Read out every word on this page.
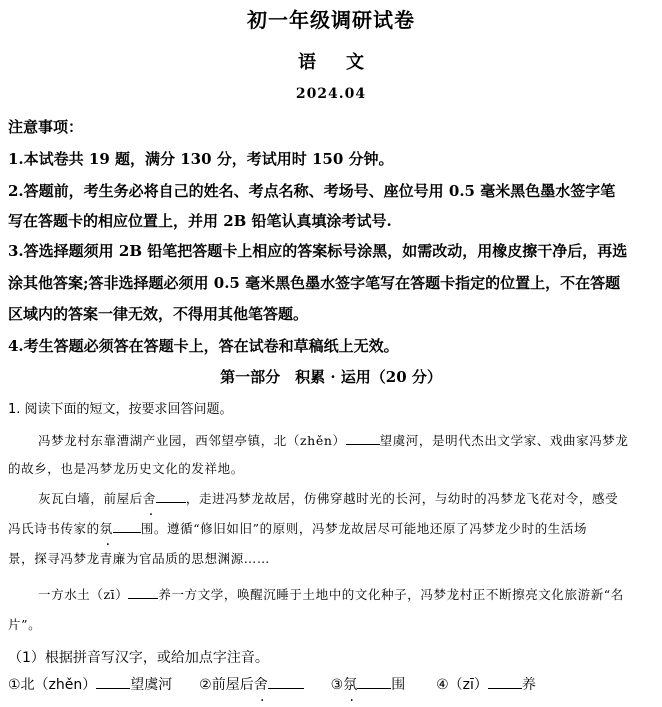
初一年级调研试卷
语文
2024.04
注意事项：
1.本试卷共 19 题，满分 130 分，考试用时 150 分钟。
2.答题前，考生务必将自己的姓名、考点名称、考场号、座位号用 0.5 毫米黑色墨水签字笔
写在答题卡的相应位置上，并用 2B 铅笔认真填涂考试号.
3.答选择题须用 2B 铅笔把答题卡上相应的答案标号涂黑，如需改动，用橡皮擦干净后，再选
涂其他答案;答非选择题必须用 0.5 毫米黑色墨水签字笔写在答题卡指定的位置上，不在答题
区域内的答案一律无效，不得用其他笔答题。
4.考生答题必须答在答题卡上，答在试卷和草稿纸上无效。
第一部分　积累 · 运用（20 分）
1. 阅读下面的短文，按要求回答问题。
冯梦龙村东靠漕湖产业园，西邻望亭镇，北（zhěn）	望虞河，是明代杰出文学家、戏曲家冯梦龙
的故乡，也是冯梦龙历史文化的发祥地。
灰瓦白墙，前屋后舍 ，走进冯梦龙故居，仿佛穿越时光的长河，与幼时的冯梦龙飞花对令，感受
冯氏诗书传家的氛 围。遵循“修旧如旧”的原则，冯梦龙故居尽可能地还原了冯梦龙少时的生活场
景，探寻冯梦龙青廉为官品质的思想渊源……
一方水土（zī） 养一方文学，唤醒沉睡于土地中的文化种子，冯梦龙村正不断擦亮文化旅游新“名
片”。
（1）根据拼音写汉字，或给加点字注音。
①北（zhěn） 望虞河 ②前屋后舍	③氛 围 ④（zī） 养
